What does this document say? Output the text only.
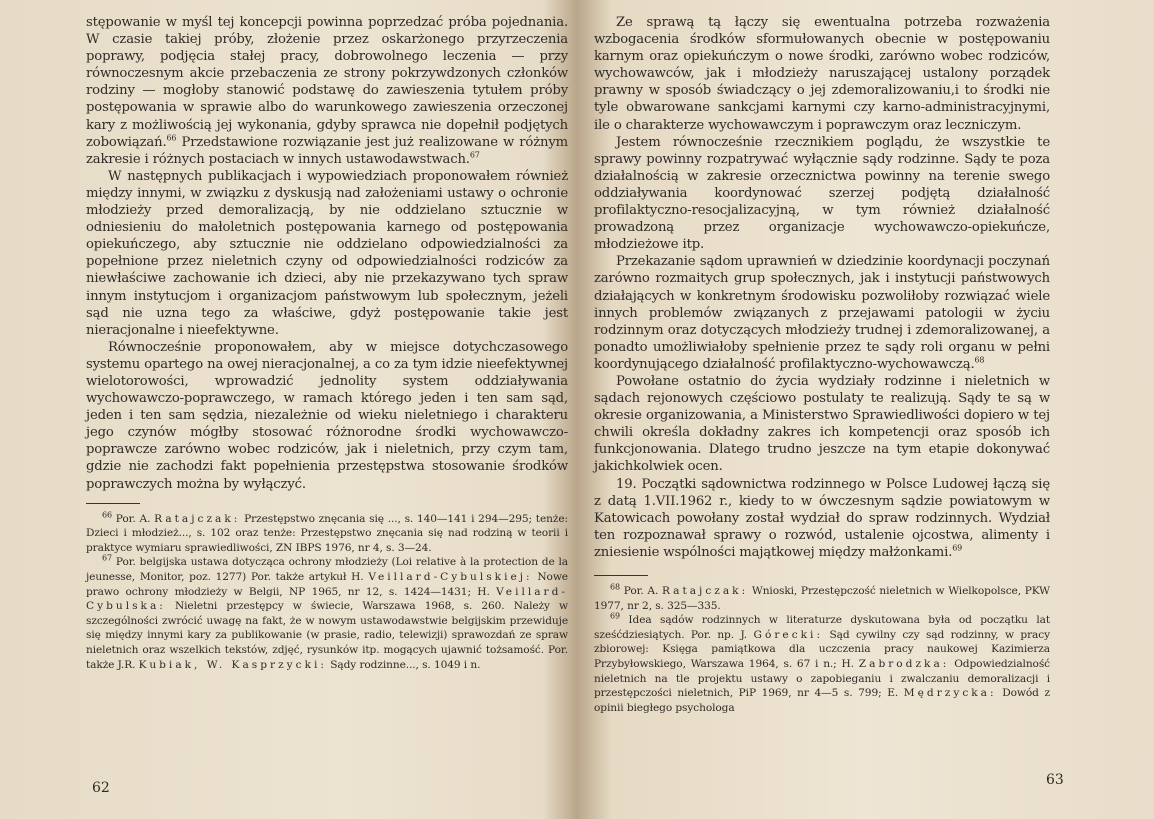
stępowanie w myśl tej koncepcji powinna poprzedzać próba pojednania. W czasie takiej próby, złożenie przez oskarżonego przyrzeczenia poprawy, podjęcia stałej pracy, dobrowolnego leczenia — przy równoczesnym akcie przebaczenia ze strony pokrzywdzonych członków rodziny — mogłoby stanowić podstawę do zawieszenia tytułem próby postępowania w sprawie albo do warunkowego zawieszenia orzeczonej kary z możliwością jej wykonania, gdyby sprawca nie dopełnił podjętych zobowiązań.$^{66}$ Przedstawione rozwiązanie jest już realizowane w różnym zakresie i różnych postaciach w innych ustawodawstwach.$^{67}$

W następnych publikacjach i wypowiedziach proponowałem również między innymi, w związku z dyskusją nad założeniami ustawy o ochronie młodzieży przed demoralizacją, by nie oddzielano sztucznie w odniesieniu do małoletnich postępowania karnego od postępowania opiekuńczego, aby sztucznie nie oddzielano odpowiedzialności za popełnione przez nieletnich czyny od odpowiedzialności rodziców za niewłaściwe zachowanie ich dzieci, aby nie przekazywano tych spraw innym instytucjom i organizacjom państwowym lub społecznym, jeżeli sąd nie uzna tego za właściwe, gdyż postępowanie takie jest nieracjonalne i nieefektywne.

Równocześnie proponowałem, aby w miejsce dotychczasowego systemu opartego na owej nieracjonalnej, a co za tym idzie nieefektywnej wielotorowości, wprowadzić jednolity system oddziaływania wychowawczo-poprawczego, w ramach którego jeden i ten sam sąd, jeden i ten sam sędzia, niezależnie od wieku nieletniego i charakteru jego czynów mógłby stosować różnorodne środki wychowawczo-poprawcze zarówno wobec rodziców, jak i nieletnich, przy czym tam, gdzie nie zachodzi fakt popełnienia przestępstwa stosowanie środków poprawczych można by wyłączyć.

$^{66}$ Por. A. Ratajczak: Przestępstwo znęcania się ..., s. 140—141 i 294—295; tenże: Dzieci i młodzież..., s. 102 oraz tenże: Przestępstwo znęcania się nad rodziną w teorii i praktyce wymiaru sprawiedliwości, ZN IBPS 1976, nr 4, s. 3—24.

$^{67}$ Por. belgijska ustawa dotycząca ochrony młodzieży (Loi relative à la protection de la jeunesse, Monitor, poz. 1277) Por. także artykuł H. Veillard-Cybulskiej: Nowe prawo ochrony młodzieży w Belgii, NP 1965, nr 12, s. 1424—1431; H. Veillard-Cybulska: Nieletni przestępcy w świecie, Warszawa 1968, s. 260. Należy w szczególności zwrócić uwagę na fakt, że w nowym ustawodawstwie belgijskim przewiduje się między innymi kary za publikowanie (w prasie, radio, telewizji) sprawozdań ze spraw nieletnich oraz wszelkich tekstów, zdjęć, rysunków itp. mogących ujawnić tożsamość. Por. także J.R. Kubiak, W. Kasprzycki: Sądy rodzinne..., s. 1049 i n.

62

Ze sprawą tą łączy się ewentualna potrzeba rozważenia wzbogacenia środków sformułowanych obecnie w postępowaniu karnym oraz opiekuńczym o nowe środki, zarówno wobec rodziców, wychowawców, jak i młodzieży naruszającej ustalony porządek prawny w sposób świadczący o jej zdemoralizowaniu,i to środki nie tyle obwarowane sankcjami karnymi czy karno-administracyjnymi, ile o charakterze wychowawczym i poprawczym oraz leczniczym.

Jestem równocześnie rzecznikiem poglądu, że wszystkie te sprawy powinny rozpatrywać wyłącznie sądy rodzinne. Sądy te poza działalnością w zakresie orzecznictwa powinny na terenie swego oddziaływania koordynować szerzej podjętą działalność profilaktyczno-resocjalizacyjną, w tym również działalność prowadzoną przez organizacje wychowawczo-opiekuńcze, młodzieżowe itp.

Przekazanie sądom uprawnień w dziedzinie koordynacji poczynań zarówno rozmaitych grup społecznych, jak i instytucji państwowych działających w konkretnym środowisku pozwoliłoby rozwiązać wiele innych problemów związanych z przejawami patologii w życiu rodzinnym oraz dotyczących młodzieży trudnej i zdemoralizowanej, a ponadto umożliwiałoby spełnienie przez te sądy roli organu w pełni koordynującego działalność profilaktyczno-wychowawczą.$^{68}$

Powołane ostatnio do życia wydziały rodzinne i nieletnich w sądach rejonowych częściowo postulaty te realizują. Sądy te są w okresie organizowania, a Ministerstwo Sprawiedliwości dopiero w tej chwili określa dokładny zakres ich kompetencji oraz sposób ich funkcjonowania. Dlatego trudno jeszcze na tym etapie dokonywać jakichkolwiek ocen.

19. Początki sądownictwa rodzinnego w Polsce Ludowej łączą się z datą 1.VII.1962 r., kiedy to w ówczesnym sądzie powiatowym w Katowicach powołany został wydział do spraw rodzinnych. Wydział ten rozpoznawał sprawy o rozwód, ustalenie ojcostwa, alimenty i zniesienie wspólności majątkowej między małżonkami.$^{69}$

$^{68}$ Por. A. Ratajczak: Wnioski, Przestępczość nieletnich w Wielkopolsce, PKW 1977, nr 2, s. 325—335.

$^{69}$ Idea sądów rodzinnych w literaturze dyskutowana była od początku lat sześćdziesiątych. Por. np. J. Górecki: Sąd cywilny czy sąd rodzinny, w pracy zbiorowej: Księga pamiątkowa dla uczczenia pracy naukowej Kazimierza Przybyłowskiego, Warszawa 1964, s. 67 i n.; H. Zabrodzka: Odpowiedzialność nieletnich na tle projektu ustawy o zapobieganiu i zwalczaniu demoralizacji i przestępczości nieletnich, PiP 1969, nr 4—5 s. 799; E. Mędrzycka: Dowód z opinii biegłego psychologa

63
